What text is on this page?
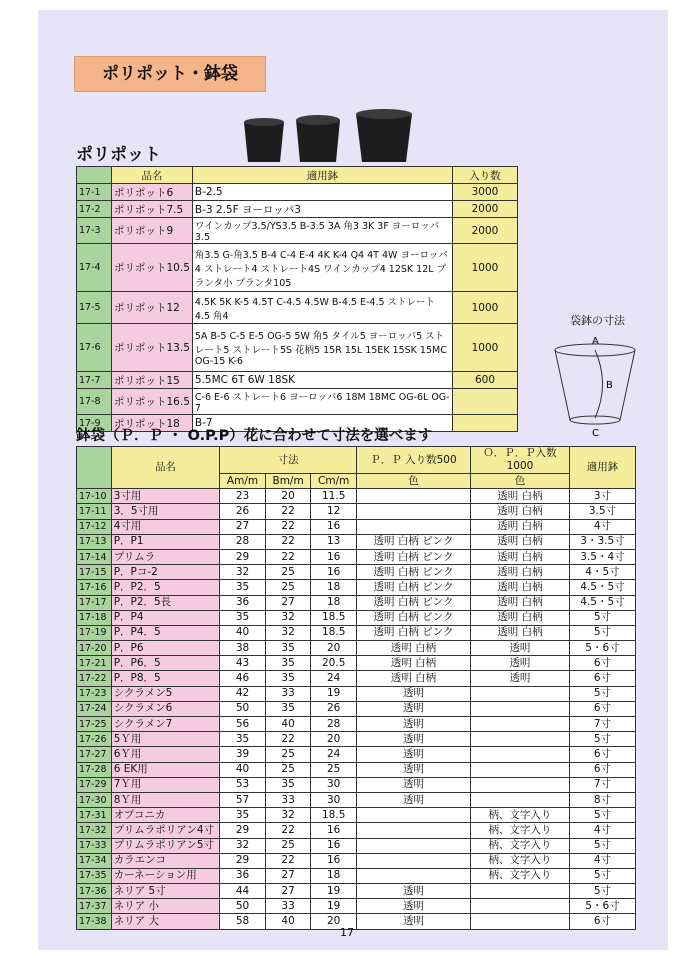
ポリポット・鉢袋
ポリポット
	品名	適用鉢	入り数
17-1	ポリポット6	B-2.5	3000
17-2	ポリポット7.5	B-3 2.5F ヨーロッパ3	2000
17-3	ポリポット9	ワインカップ3.5/YS3.5 B-3.5 3A 角3 3K 3F ヨーロッパ3.5	2000
17-4	ポリポット10.5	角3.5 G-角3.5 B-4 C-4 E-4 4K K-4 Q4 4T 4W ヨーロッパ4 ストレート4 ストレート4S ワインカップ4 12SK 12L プランタ小 プランタ105	1000
17-5	ポリポット12	4.5K 5K K-5 4.5T C-4.5 4.5W B-4.5 E-4.5 ストレート4.5 角4	1000
17-6	ポリポット13.5	5A B-5 C-5 E-5 OG-5 5W 角5 タイル5 ヨーロッパ5 ストレート5 ストレート5S 花柄5 15R 15L 15EK 15SK 15MC OG-15 K-6	1000
17-7	ポリポット15	5.5MC 6T 6W 18SK	600
17-8	ポリポット16.5	C-6 E-6 ストレート6 ヨーロッパ6 18M 18MC OG-6L OG-7	
17-9	ポリポット18	B-7	
袋鉢の寸法
A
B
C
鉢袋（Ｐ．Ｐ ・ O.P.P）花に合わせて寸法を選べます
	品名	寸法			Ｐ．Ｐ 入り数500	Ｏ．Ｐ．Ｐ入数1000	適用鉢
		Am/m	Bm/m	Cm/m	色	色	
17-10	3寸用	23	20	11.5		透明 白柄	3寸
17-11	3．5寸用	26	22	12		透明 白柄	3.5寸
17-12	4寸用	27	22	16		透明 白柄	4寸
17-13	P．P1	28	22	13	透明 白柄 ピンク	透明 白柄	3・3.5寸
17-14	プリムラ	29	22	16	透明 白柄 ピンク	透明 白柄	3.5・4寸
17-15	P．Pコ-2	32	25	16	透明 白柄 ピンク	透明 白柄	4・5寸
17-16	P．P2．5	35	25	18	透明 白柄 ピンク	透明 白柄	4.5・5寸
17-17	P．P2．5長	36	27	18	透明 白柄 ピンク	透明 白柄	4.5・5寸
17-18	P．P4	35	32	18.5	透明 白柄 ピンク	透明 白柄	5寸
17-19	P．P4．5	40	32	18.5	透明 白柄 ピンク	透明 白柄	5寸
17-20	P．P6	38	35	20	透明 白柄	透明	5・6寸
17-21	P．P6．5	43	35	20.5	透明 白柄	透明	6寸
17-22	P．P8．5	46	35	24	透明 白柄	透明	6寸
17-23	シクラメン5	42	33	19	透明		5寸
17-24	シクラメン6	50	35	26	透明		6寸
17-25	シクラメン7	56	40	28	透明		7寸
17-26	5Ｙ用	35	22	20	透明		5寸
17-27	6Ｙ用	39	25	24	透明		6寸
17-28	6 EK用	40	25	25	透明		6寸
17-29	7Ｙ用	53	35	30	透明		7寸
17-30	8Ｙ用	57	33	30	透明		8寸
17-31	オプコニカ	35	32	18.5		柄、文字入り	5寸
17-32	プリムラポリアン4寸	29	22	16		柄、文字入り	4寸
17-33	プリムラポリアン5寸	32	25	16		柄、文字入り	5寸
17-34	カラエンコ	29	22	16		柄、文字入り	4寸
17-35	カーネーション用	36	27	18		柄、文字入り	5寸
17-36	ネリア 5寸	44	27	19	透明		5寸
17-37	ネリア 小	50	33	19	透明		5・6寸
17-38	ネリア 大	58	40	20	透明		6寸
17
